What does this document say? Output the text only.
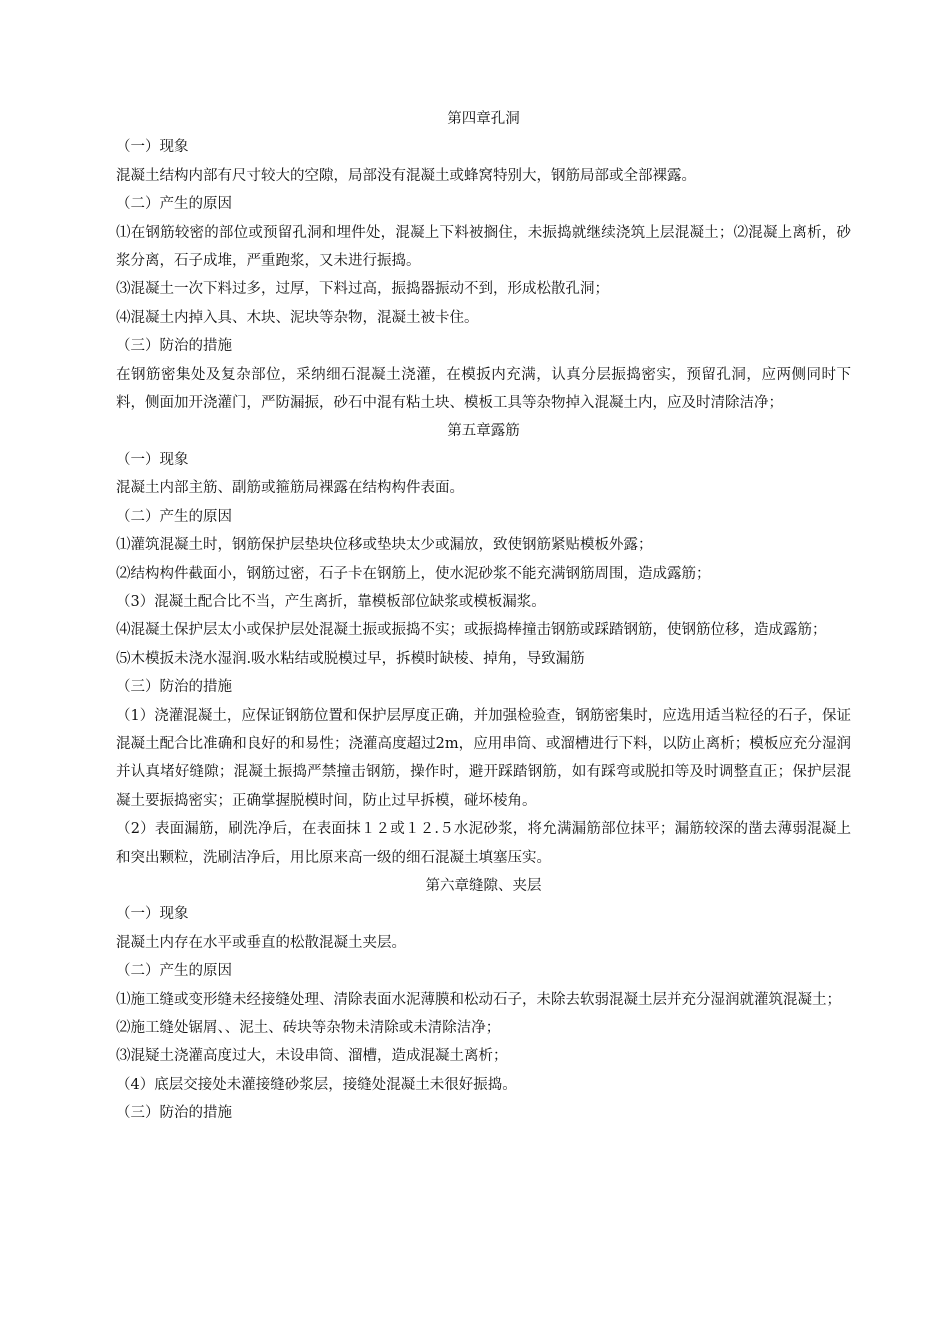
第四章孔洞
（一）现象
混凝土结构内部有尺寸较大的空隙，局部没有混凝土或蜂窝特别大，钢筋局部或全部裸露。
（二）产生的原因
⑴在钢筋较密的部位或预留孔洞和埋件处，混凝上下料被搁住，未振捣就继续浇筑上层混凝土；⑵混凝上离析，砂浆分离，石子成堆，严重跑浆，又未进行振捣。
⑶混凝土一次下料过多，过厚，下料过高，振捣器振动不到，形成松散孔洞；
⑷混凝土内掉入具、木块、泥块等杂物，混凝土被卡住。
（三）防治的措施
在钢筋密集处及复杂部位，采纳细石混凝土浇灌，在模扳内充满，认真分层振捣密实，预留孔洞，应两侧同时下料，侧面加开浇灌门，严防漏振，砂石中混有粘土块、模板工具等杂物掉入混凝土内，应及时清除洁净；
第五章露筋
（一）现象
混凝土内部主筋、副筋或箍筋局裸露在结构构件表面。
（二）产生的原因
⑴灌筑混凝土时，钢筋保护层垫块位移或垫块太少或漏放，致使钢筋紧贴模板外露；
⑵结构构件截面小，钢筋过密，石子卡在钢筋上，使水泥砂浆不能充满钢筋周围，造成露筋；
（3）混凝土配合比不当，产生离折，靠模板部位缺浆或模板漏浆。
⑷混凝土保护层太小或保护层处混凝土振或振捣不实；或振捣棒撞击钢筋或踩踏钢筋，使钢筋位移，造成露筋；
⑸木模扳未浇水湿润.吸水粘结或脱模过早，拆模时缺棱、掉角，导致漏筋
（三）防治的措施
（1）浇灌混凝土，应保证钢筋位置和保护层厚度正确，并加强检验查，钢筋密集时，应选用适当粒径的石子，保证混凝土配合比准确和良好的和易性；浇灌高度超过2m，应用串筒、或溜槽进行下料，以防止离析；模板应充分湿润并认真堵好缝隙；混凝土振捣严禁撞击钢筋，操作时，避开踩踏钢筋，如有踩弯或脱扣等及时调整直正；保护层混凝土要振捣密实；正确掌握脱模时间，防止过早拆模，碰坏棱角。
（2）表面漏筋，刷洗净后，在表面抹１２或１２.５水泥砂浆，将允满漏筋部位抹平；漏筋较深的凿去薄弱混凝上和突出颗粒，洗刷洁净后，用比原来高一级的细石混凝土填塞压实。
第六章缝隙、夹层
（一）现象
混凝土内存在水平或垂直的松散混凝土夹层。
（二）产生的原因
⑴施工缝或变形缝未经接缝处理、清除表面水泥薄膜和松动石子，未除去软弱混凝土层并充分湿润就灌筑混凝土；
⑵施工缝处锯屑、、泥土、砖块等杂物未清除或未清除洁净；
⑶混疑土浇灌高度过大，未设串筒、溜槽，造成混凝土离析；
（4）底层交接处未灌接缝砂浆层，接缝处混凝土未很好振捣。
（三）防治的措施
